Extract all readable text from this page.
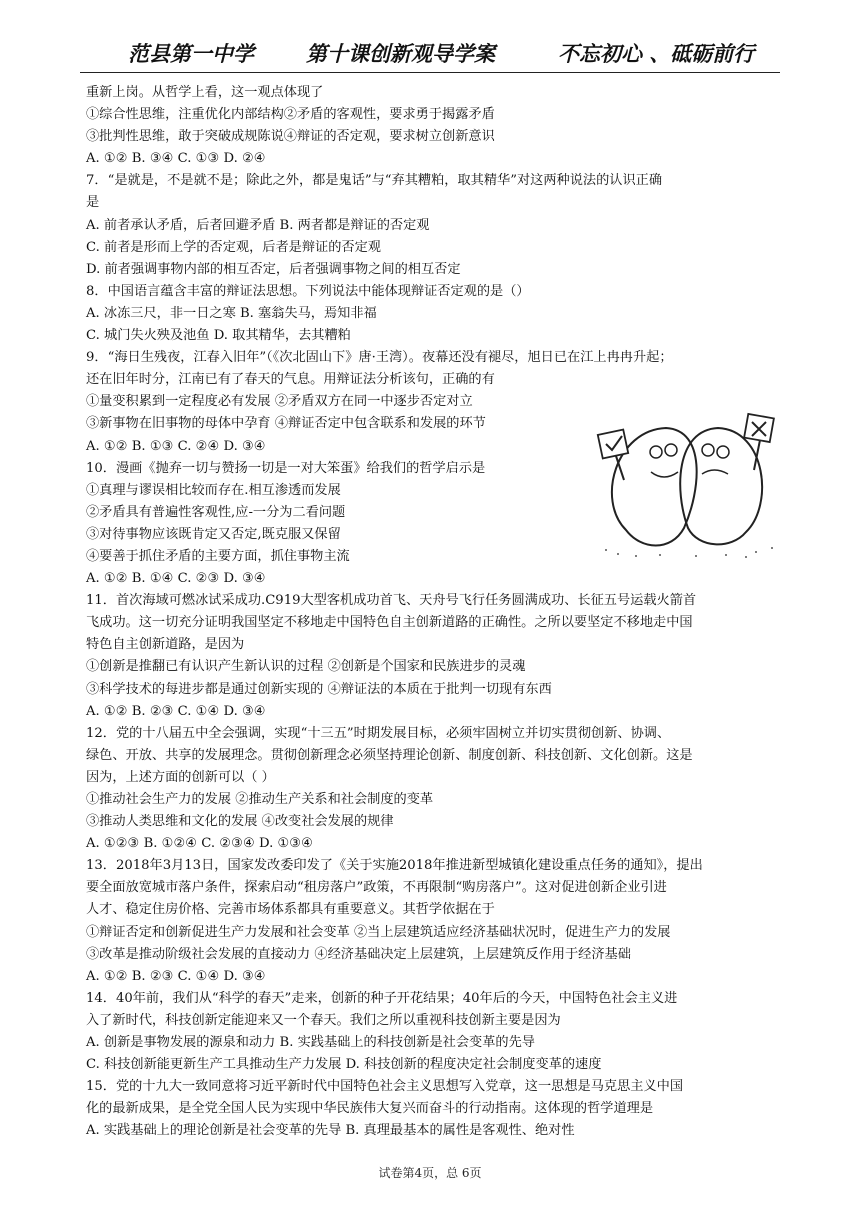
范县第一中学 第十课创新观导学案	不忘初心 、砥砺前行
重新上岗。从哲学上看，这一观点体现了
①综合性思维，注重优化内部结构②矛盾的客观性，要求勇于揭露矛盾
③批判性思维，敢于突破成规陈说④辩证的否定观，要求树立创新意识
A. ①② B. ③④ C. ①③ D. ②④
7．“是就是，不是就不是；除此之外，都是鬼话”与“弃其糟粕，取其精华”对这两种说法的认识正确
是
A. 前者承认矛盾，后者回避矛盾 B. 两者都是辩证的否定观
C. 前者是形而上学的否定观，后者是辩证的否定观
D. 前者强调事物内部的相互否定，后者强调事物之间的相互否定
8．中国语言蕴含丰富的辩证法思想。下列说法中能体现辩证否定观的是（）
A. 冰冻三尺，非一日之寒 B. 塞翁失马，焉知非福
C. 城门失火殃及池鱼 D. 取其精华，去其糟粕
9．“海日生残夜，江春入旧年”（《次北固山下》唐·王湾）。夜幕还没有褪尽，旭日已在江上冉冉升起；
还在旧年时分，江南已有了春天的气息。用辩证法分析该句，正确的有
①量变积累到一定程度必有发展 ②矛盾双方在同一中逐步否定对立
③新事物在旧事物的母体中孕育 ④辩证否定中包含联系和发展的环节
A. ①② B. ①③ C. ②④ D. ③④
10．漫画《抛弃一切与赞扬一切是一对大笨蛋》给我们的哲学启示是
①真理与谬误相比较而存在.相互渗透而发展
②矛盾具有普遍性客观性,应-一分为二看问题
③对待事物应该既肯定又否定,既克服又保留
④要善于抓住矛盾的主要方面，抓住事物主流
A. ①② B. ①④ C. ②③ D. ③④
11．首次海域可燃冰试采成功.C919大型客机成功首飞、天舟号飞行任务圆满成功、长征五号运载火箭首
飞成功。这一切充分证明我国坚定不移地走中国特色自主创新道路的正确性。之所以要坚定不移地走中国
特色自主创新道路，是因为
①创新是推翻已有认识产生新认识的过程 ②创新是个国家和民族进步的灵魂
③科学技术的每进步都是通过创新实现的 ④辩证法的本质在于批判一切现有东西
A. ①② B. ②③ C. ①④ D. ③④
12．党的十八届五中全会强调，实现“十三五”时期发展目标，必须牢固树立并切实贯彻创新、协调、
绿色、开放、共享的发展理念。贯彻创新理念必须坚持理论创新、制度创新、科技创新、文化创新。这是
因为，上述方面的创新可以（ ）
①推动社会生产力的发展 ②推动生产关系和社会制度的变革
③推动人类思维和文化的发展 ④改变社会发展的规律
A. ①②③ B. ①②④ C. ②③④ D. ①③④
13．2018年3月13日，国家发改委印发了《关于实施2018年推进新型城镇化建设重点任务的通知》，提出
要全面放宽城市落户条件，探索启动“租房落户”政策，不再限制“购房落户”。这对促进创新企业引进
人才、稳定住房价格、完善市场体系都具有重要意义。其哲学依据在于
①辩证否定和创新促进生产力发展和社会变革 ②当上层建筑适应经济基础状况时，促进生产力的发展
③改革是推动阶级社会发展的直接动力 ④经济基础决定上层建筑，上层建筑反作用于经济基础
A. ①② B. ②③ C. ①④ D. ③④
14．40年前，我们从“科学的春天”走来，创新的种子开花结果；40年后的今天，中国特色社会主义进
入了新时代，科技创新定能迎来又一个春天。我们之所以重视科技创新主要是因为
A. 创新是事物发展的源泉和动力 B. 实践基础上的科技创新是社会变革的先导
C. 科技创新能更新生产工具推动生产力发展 D. 科技创新的程度决定社会制度变革的速度
15．党的十九大一致同意将习近平新时代中国特色社会主义思想写入党章，这一思想是马克思主义中国
化的最新成果，是全党全国人民为实现中华民族伟大复兴而奋斗的行动指南。这体现的哲学道理是
A. 实践基础上的理论创新是社会变革的先导 B. 真理最基本的属性是客观性、绝对性
试卷第4页，总 6页
